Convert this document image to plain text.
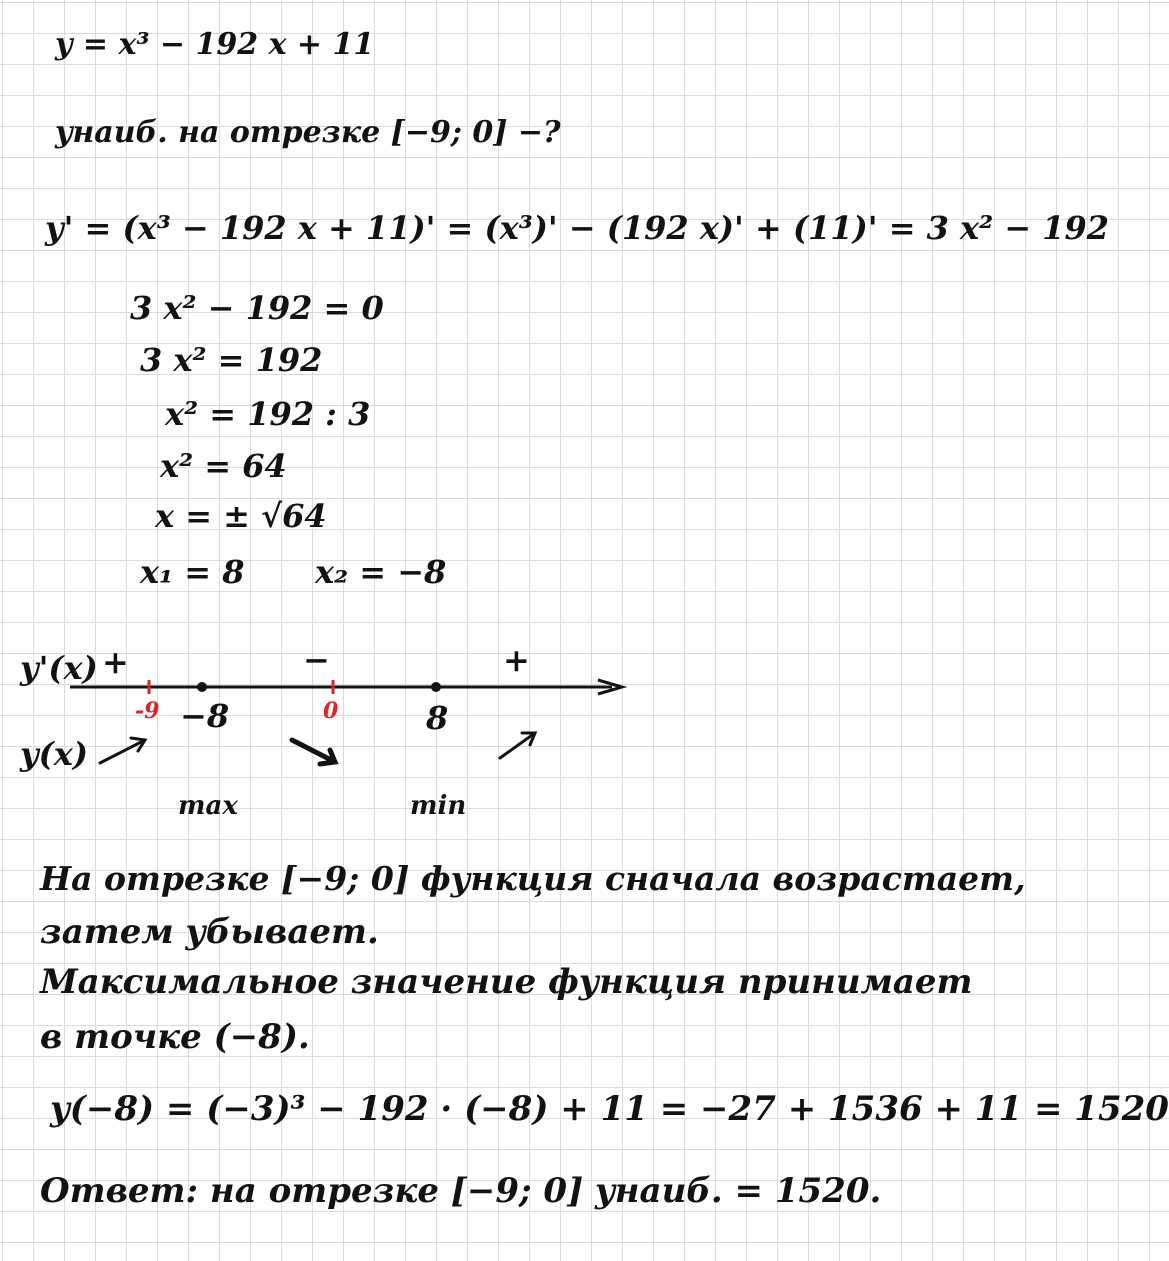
y = x³ − 192 x + 11
yнаиб. на отрезке [−9; 0] −?
y' = (x³ − 192 x + 11)' = (x³)' − (192 x)' + (11)' = 3 x² − 192
3 x² − 192 = 0
3 x² = 192
x² = 192 : 3
x² = 64
x = ± √64
x₁ = 8 x₂ = −8
y'(x)
y(x)
+	−	+
-9 −8	0	8
max	min
На отрезке [−9; 0] функция сначала возрастает,
затем убывает.
Максимальное значение функция принимает
в точке (−8).
y(−8) = (−3)³ − 192 · (−8) + 11 = −27 + 1536 + 11 = 1520
Ответ: на отрезке [−9; 0] yнаиб. = 1520.
